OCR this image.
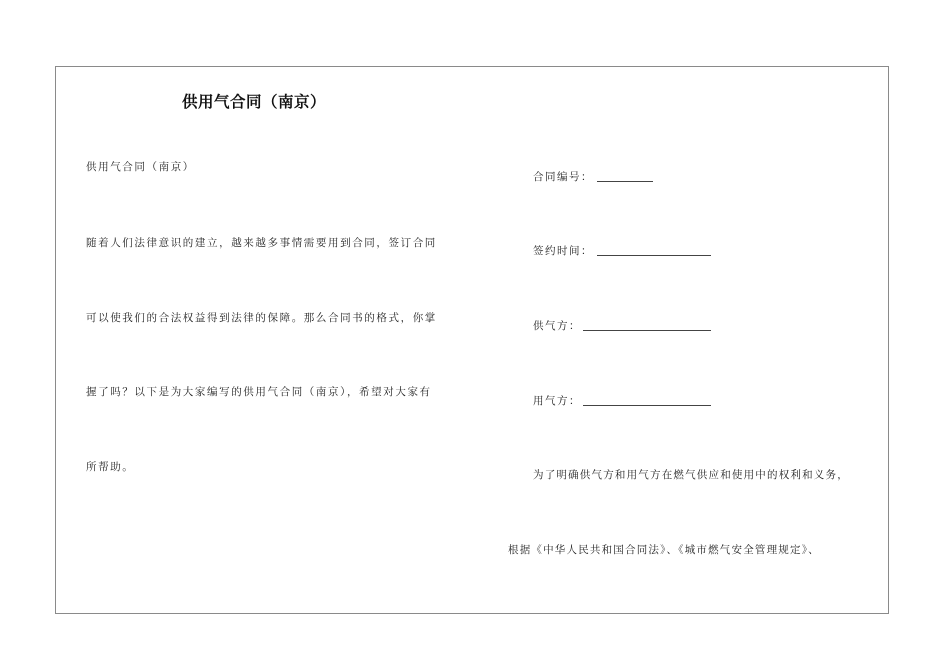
供用气合同（南京）
供用气合同（南京）
随着人们法律意识的建立，越来越多事情需要用到合同，签订合同
可以使我们的合法权益得到法律的保障。那么合同书的格式，你掌
握了吗？以下是为大家编写的供用气合同（南京），希望对大家有
所帮助。
合同编号：
签约时间：
供气方：
用气方：
为了明确供气方和用气方在燃气供应和使用中的权利和义务，
根据《中华人民共和国合同法》、《城市燃气安全管理规定》、
